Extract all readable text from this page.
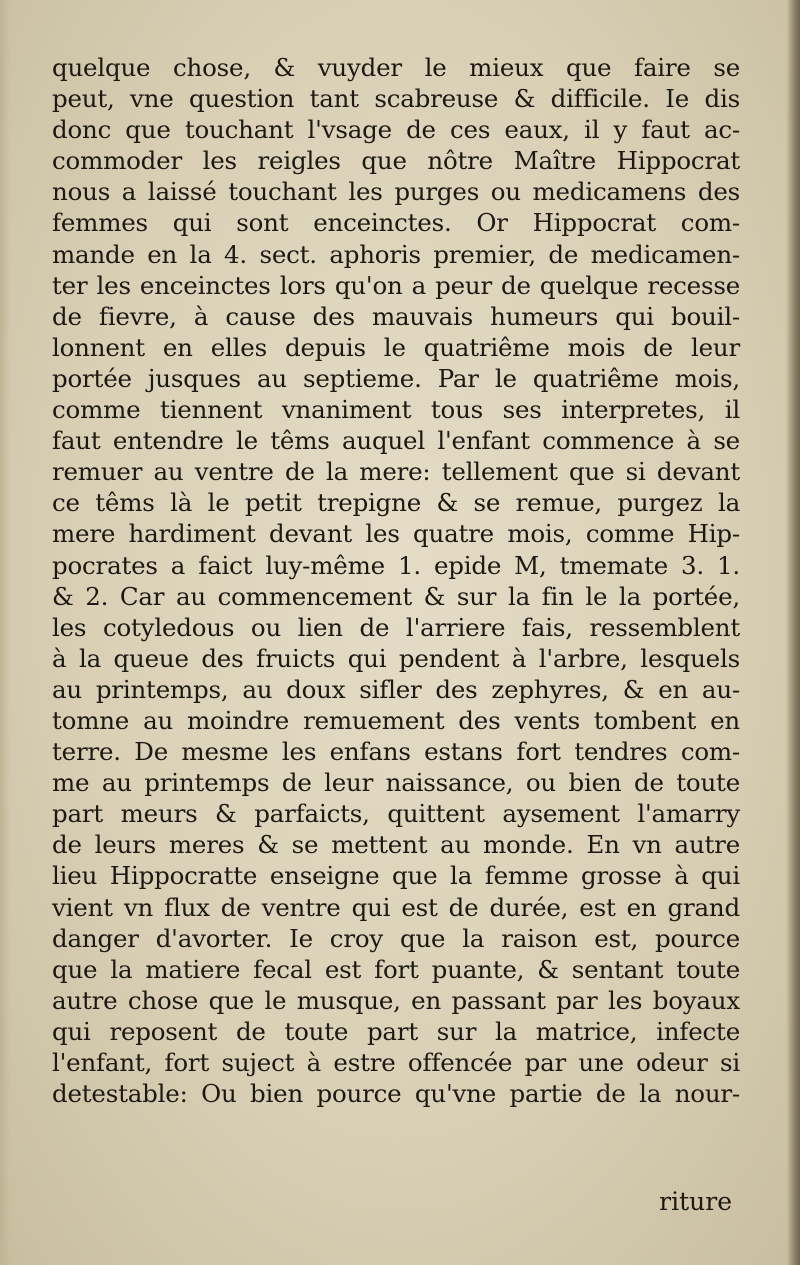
quelque chose, & vuyder le mieux que faire se
peut, vne question tant scabreuse & difficile. Ie dis
donc que touchant l'vsage de ces eaux, il y faut ac-
commoder les reigles que nôtre Maître Hippocrat
nous a laissé touchant les purges ou medicamens des
femmes qui sont enceinctes. Or Hippocrat com-
mande en la 4. sect. aphoris premier, de medicamen-
ter les enceinctes lors qu'on a peur de quelque recesse
de fievre, à cause des mauvais humeurs qui bouil-
lonnent en elles depuis le quatriême mois de leur
portée jusques au septieme. Par le quatriême mois,
comme tiennent vnaniment tous ses interpretes, il
faut entendre le têms auquel l'enfant commence à se
remuer au ventre de la mere: tellement que si devant
ce têms là le petit trepigne & se remue, purgez la
mere hardiment devant les quatre mois, comme Hip-
pocrates a faict luy-même 1. epide M, tmemate 3. 1.
& 2. Car au commencement & sur la fin le la portée,
les cotyledous ou lien de l'arriere fais, ressemblent
à la queue des fruicts qui pendent à l'arbre, lesquels
au printemps, au doux sifler des zephyres, & en au-
tomne au moindre remuement des vents tombent en
terre. De mesme les enfans estans fort tendres com-
me au printemps de leur naissance, ou bien de toute
part meurs & parfaicts, quittent aysement l'amarry
de leurs meres & se mettent au monde. En vn autre
lieu Hippocratte enseigne que la femme grosse à qui
vient vn flux de ventre qui est de durée, est en grand
danger d'avorter. Ie croy que la raison est, pource
que la matiere fecal est fort puante, & sentant toute
autre chose que le musque, en passant par les boyaux
qui reposent de toute part sur la matrice, infecte
l'enfant, fort suject à estre offencée par une odeur si
detestable: Ou bien pource qu'vne partie de la nour-
riture
